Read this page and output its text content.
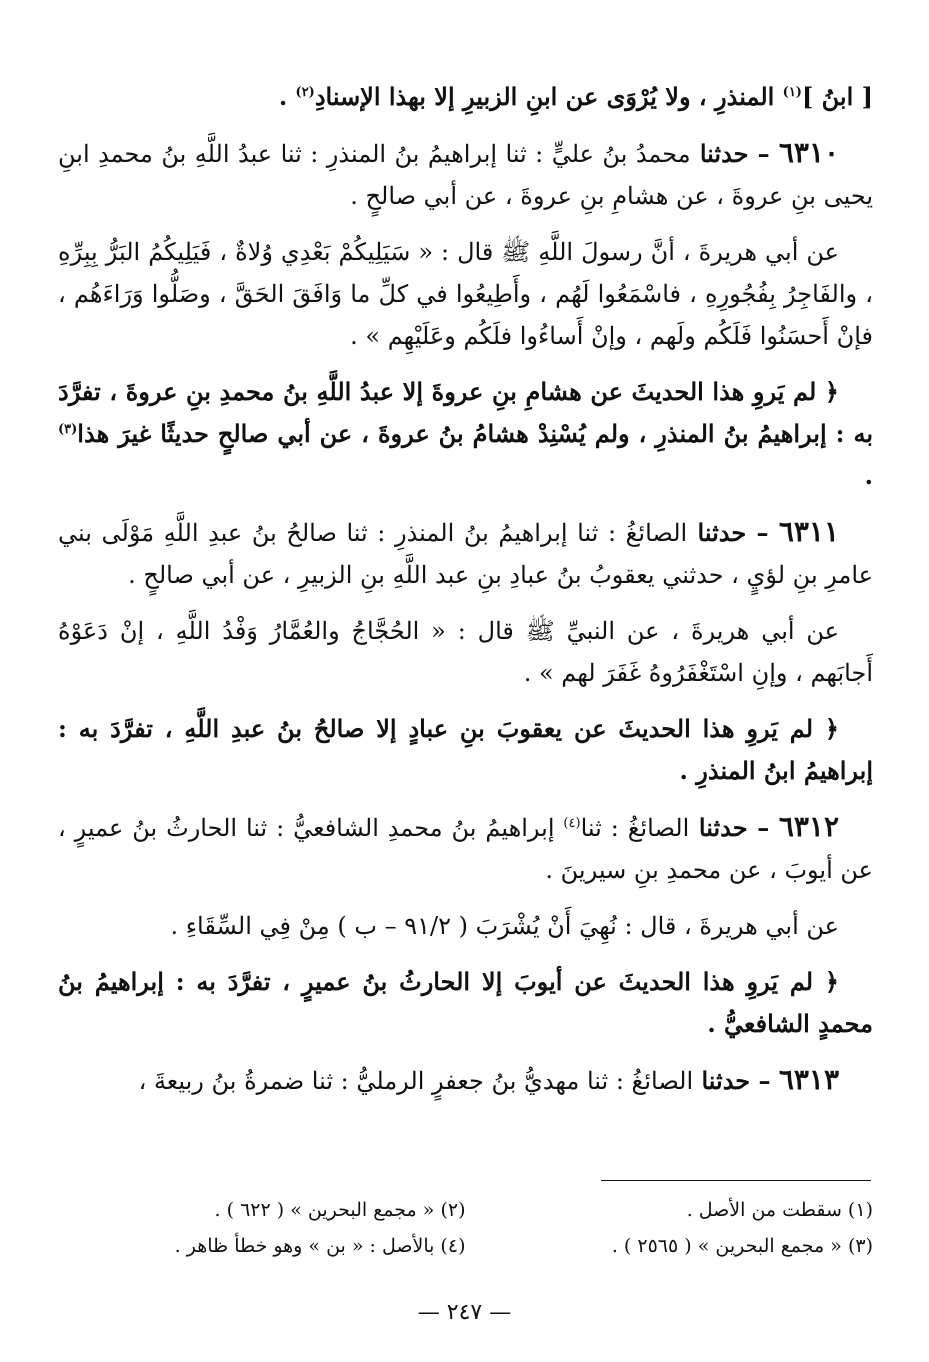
[ ابنُ ]$^{(١)}$ المنذرِ ، ولا يُرْوَى عن ابنِ الزبيرِ إلا بهذا الإسنادِ$^{(٢)}$ .

٦٣١٠ – حدثنا محمدُ بنُ عليٍّ : ثنا إبراهيمُ بنُ المنذرِ : ثنا عبدُ اللَّهِ بنُ محمدِ ابنِ يحيى بنِ عروةَ ، عن هشامِ بنِ عروةَ ، عن أبي صالحٍ .

عن أبي هريرةَ ، أنَّ رسولَ اللَّهِ ﷺ قال : « سَيَلِيكُمْ بَعْدِي وُلاةٌ ، فَيَلِيكُمُ البَرُّ بِبِرِّهِ ، والفَاجِرُ بِفُجُورِهِ ، فاسْمَعُوا لَهُم ، وأَطِيعُوا في كلِّ ما وَافَقَ الحَقَّ ، وصَلُّوا وَرَاءَهُم ، فإنْ أَحسَنُوا فَلَكُم ولَهم ، وإنْ أَساءُوا فلَكُم وعَلَيْهِم » .

﴿ لم يَروِ هذا الحديثَ عن هشامِ بنِ عروةَ إلا عبدُ اللَّهِ بنُ محمدِ بنِ عروةَ ، تفرَّدَ به : إبراهيمُ بنُ المنذرِ ، ولم يُسْنِدْ هشامُ بنُ عروةَ ، عن أبي صالحٍ حديثًا غيرَ هذا$^{(٣)}$ .

٦٣١١ – حدثنا الصائغُ : ثنا إبراهيمُ بنُ المنذرِ : ثنا صالحُ بنُ عبدِ اللَّهِ مَوْلَى بني عامرِ بنِ لؤيٍ ، حدثني يعقوبُ بنُ عبادِ بنِ عبد اللَّهِ بنِ الزبيرِ ، عن أبي صالحٍ .

عن أبي هريرةَ ، عن النبيِّ ﷺ قال : « الحُجَّاجُ والعُمَّارُ وَفْدُ اللَّهِ ، إنْ دَعَوْهُ أَجابَهم ، وإنِ اسْتَغْفَرُوهُ غَفَرَ لهم » .

﴿ لم يَروِ هذا الحديثَ عن يعقوبَ بنِ عبادٍ إلا صالحُ بنُ عبدِ اللَّهِ ، تفرَّدَ به : إبراهيمُ ابنُ المنذرِ .

٦٣١٢ – حدثنا الصائغُ : ثنا$^{(٤)}$ إبراهيمُ بنُ محمدِ الشافعيُّ : ثنا الحارثُ بنُ عميرٍ ، عن أيوبَ ، عن محمدِ بنِ سيرينَ .

عن أبي هريرةَ ، قال : نُهِيَ أَنْ يُشْرَبَ ( ٩١/٢ – ب ) مِنْ فِي السِّقَاءِ .

﴿ لم يَروِ هذا الحديثَ عن أيوبَ إلا الحارثُ بنُ عميرٍ ، تفرَّدَ به : إبراهيمُ بنُ محمدٍ الشافعيُّ .

٦٣١٣ – حدثنا الصائغُ : ثنا مهديُّ بنُ جعفرٍ الرمليُّ : ثنا ضمرةُ بنُ ربيعةَ ،

(١) سقطت من الأصل .
(٢) « مجمع البحرين » ( ٦٢٢ ) .
(٣) « مجمع البحرين » ( ٢٥٦٥ ) .
(٤) بالأصل : « بن » وهو خطأ ظاهر .
— ٢٤٧ —
